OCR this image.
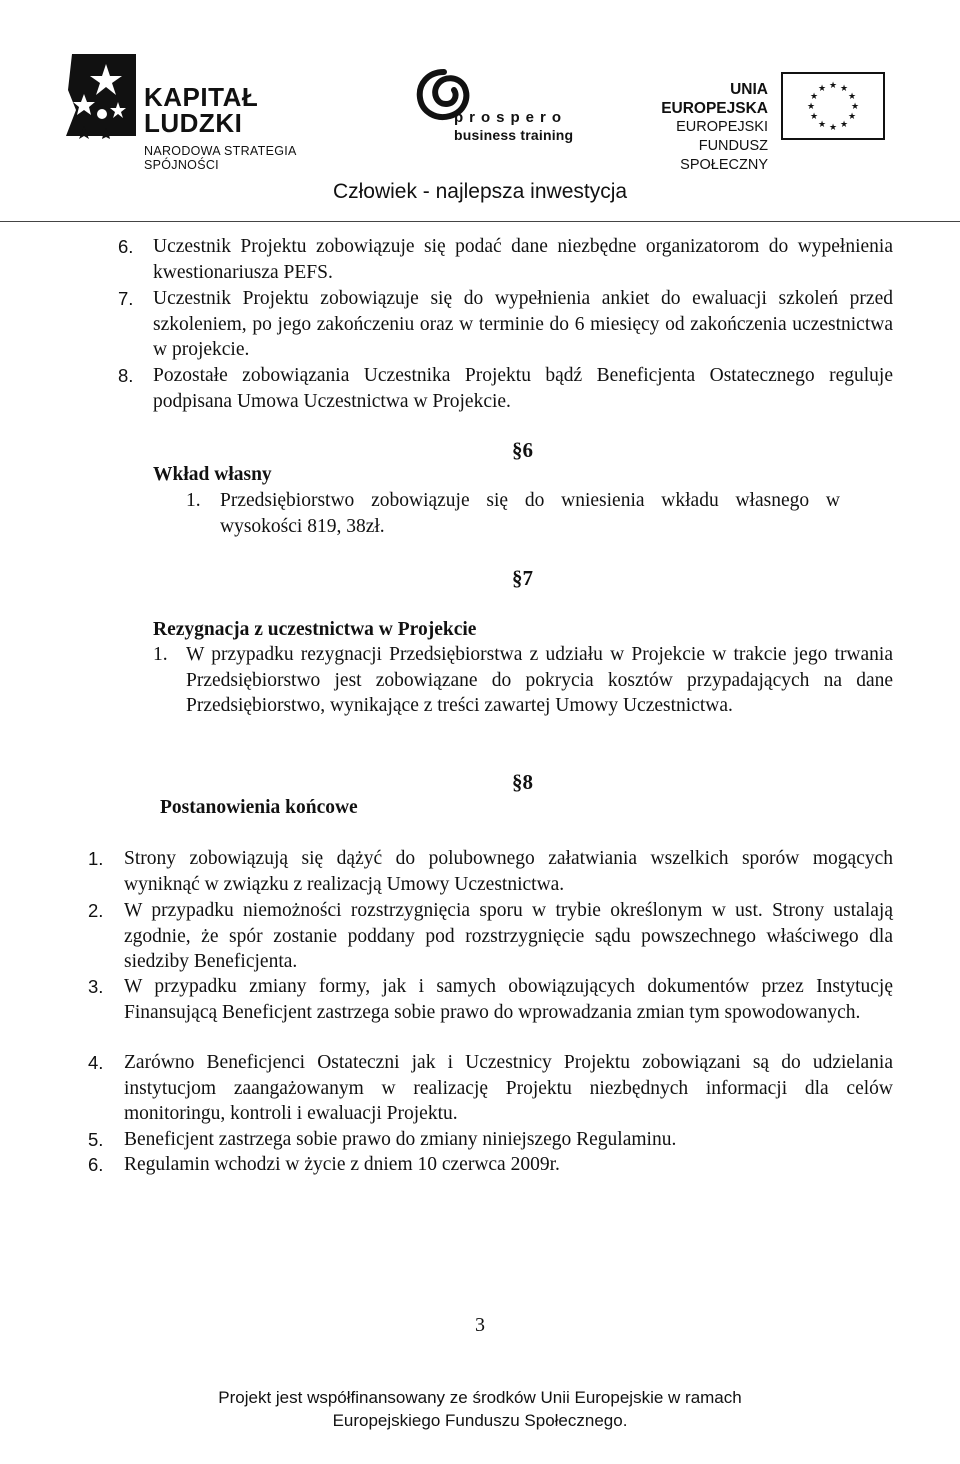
KAPITAŁ LUDZKI
NARODOWA STRATEGIA SPÓJNOŚCI
prospero
business training
UNIA EUROPEJSKA
EUROPEJSKI
FUNDUSZ SPOŁECZNY
★ ★
★
★
★
★
★
★
★
★
★
★
Człowiek - najlepsza inwestycja
6. Uczestnik Projektu zobowiązuje się podać dane niezbędne organizatorom do wypełnienia kwestionariusza PEFS.
7. Uczestnik Projektu zobowiązuje się do wypełnienia ankiet do ewaluacji szkoleń przed szkoleniem, po jego zakończeniu oraz w terminie do 6 miesięcy od zakończenia uczestnictwa w projekcie.
8. Pozostałe zobowiązania Uczestnika Projektu bądź Beneficjenta Ostatecznego reguluje podpisana Umowa Uczestnictwa w Projekcie.
§6
Wkład własny
1. Przedsiębiorstwo zobowiązuje się do wniesienia wkładu własnego w wysokości 819, 38zł.
§7
Rezygnacja z uczestnictwa w Projekcie
1. W przypadku rezygnacji Przedsiębiorstwa z udziału w Projekcie w trakcie jego trwania Przedsiębiorstwo jest zobowiązane do pokrycia kosztów przypadających na dane Przedsiębiorstwo, wynikające z treści zawartej Umowy Uczestnictwa.
§8
Postanowienia końcowe
1. Strony zobowiązują się dążyć do polubownego załatwiania wszelkich sporów mogących wyniknąć w związku z realizacją Umowy Uczestnictwa.
2. W przypadku niemożności rozstrzygnięcia sporu w trybie określonym w ust. Strony ustalają zgodnie, że spór zostanie poddany pod rozstrzygnięcie sądu powszechnego właściwego dla siedziby Beneficjenta.
3. W przypadku zmiany formy, jak i samych obowiązujących dokumentów przez Instytucję Finansującą Beneficjent zastrzega sobie prawo do wprowadzania zmian tym spowodowanych.
4. Zarówno Beneficjenci Ostateczni jak i Uczestnicy Projektu zobowiązani są do udzielania instytucjom zaangażowanym w realizację Projektu niezbędnych informacji dla celów monitoringu, kontroli i ewaluacji Projektu.
5. Beneficjent zastrzega sobie prawo do zmiany niniejszego Regulaminu.
6. Regulamin wchodzi w życie z dniem 10 czerwca 2009r.
3
Projekt jest współfinansowany ze środków Unii Europejskie w ramach
Europejskiego Funduszu Społecznego.
